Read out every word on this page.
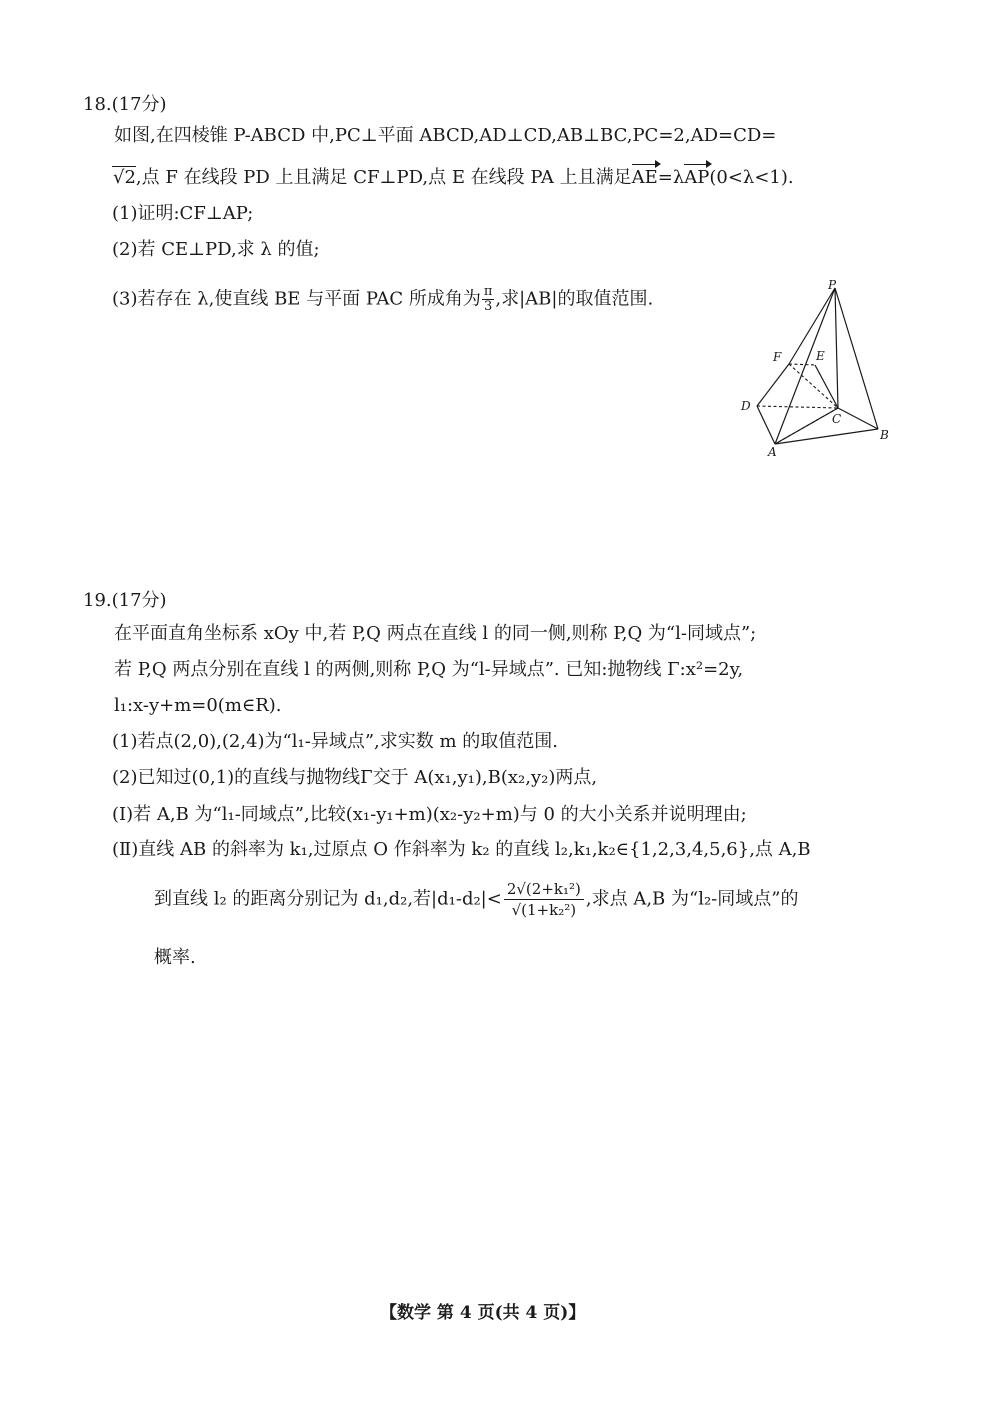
18.(17分)
如图,在四棱锥 P-ABCD 中,PC⊥平面 ABCD,AD⊥CD,AB⊥BC,PC=2,AD=CD=
√2,点 F 在线段 PD 上且满足 CF⊥PD,点 E 在线段 PA 上且满足AE=λAP(0<λ<1).
(1)证明:CF⊥AP;
(2)若 CE⊥PD,求 λ 的值;
(3)若存在 λ,使直线 BE 与平面 PAC 所成角为 $\frac{\pi}{3}$ ,求|AB|的取值范围.
P
F	E
D
C
B
A
19.(17分)
在平面直角坐标系 xOy 中,若 P,Q 两点在直线 l 的同一侧,则称 P,Q 为“l-同域点”;
若 P,Q 两点分别在直线 l 的两侧,则称 P,Q 为“l-异域点”. 已知:抛物线 Γ:x²=2y,
l₁:x-y+m=0(m∈R).
(1)若点(2,0),(2,4)为“l₁-异域点”,求实数 m 的取值范围.
(2)已知过(0,1)的直线与抛物线Γ交于 A(x₁,y₁),B(x₂,y₂)两点,
(Ⅰ)若 A,B 为“l₁-同域点”,比较(x₁-y₁+m)(x₂-y₂+m)与 0 的大小关系并说明理由;
(Ⅱ)直线 AB 的斜率为 k₁,过原点 O 作斜率为 k₂ 的直线 l₂,k₁,k₂∈{1,2,3,4,5,6},点 A,B
到直线 l₂ 的距离分别记为 d₁,d₂,若$|d_1-d_2|< \frac{\text{2√(2+k₁²)}}{\text{√(1+k₂²)}}$ ,求点 A,B 为“l₂-同域点”的
概率.
【数学 第 4 页(共 4 页)】
